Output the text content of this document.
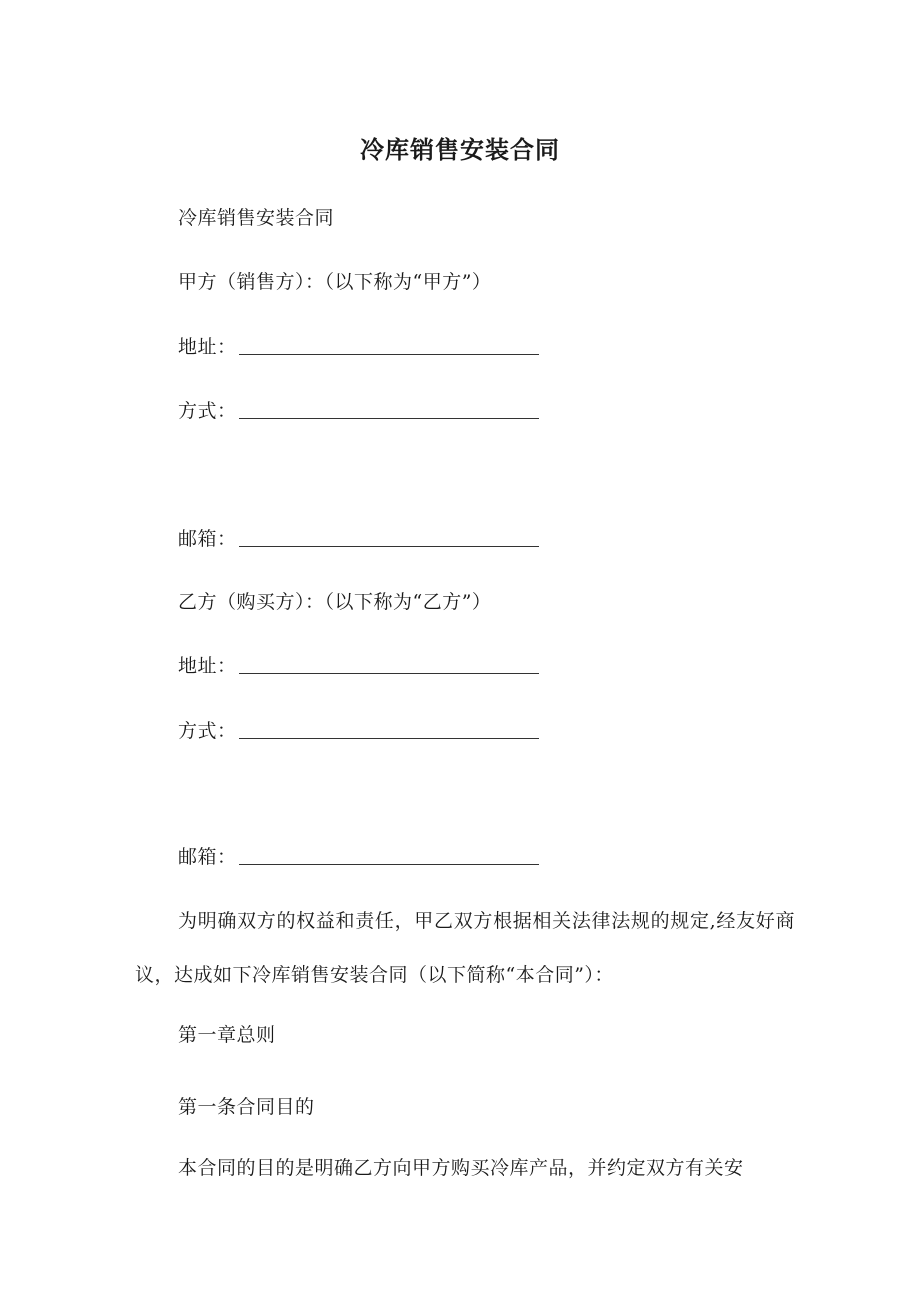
冷库销售安装合同
冷库销售安装合同
甲方（销售方）：（以下称为“甲方”）
地址：
方式：
邮箱：
乙方（购买方）：（以下称为“乙方”）
地址：
方式：
邮箱：
为明确双方的权益和责任，甲乙双方根据相关法律法规的规定,经友好商议，达成如下冷库销售安装合同（以下简称“本合同”）：
第一章总则
第一条合同目的
本合同的目的是明确乙方向甲方购买冷库产品，并约定双方有关安
